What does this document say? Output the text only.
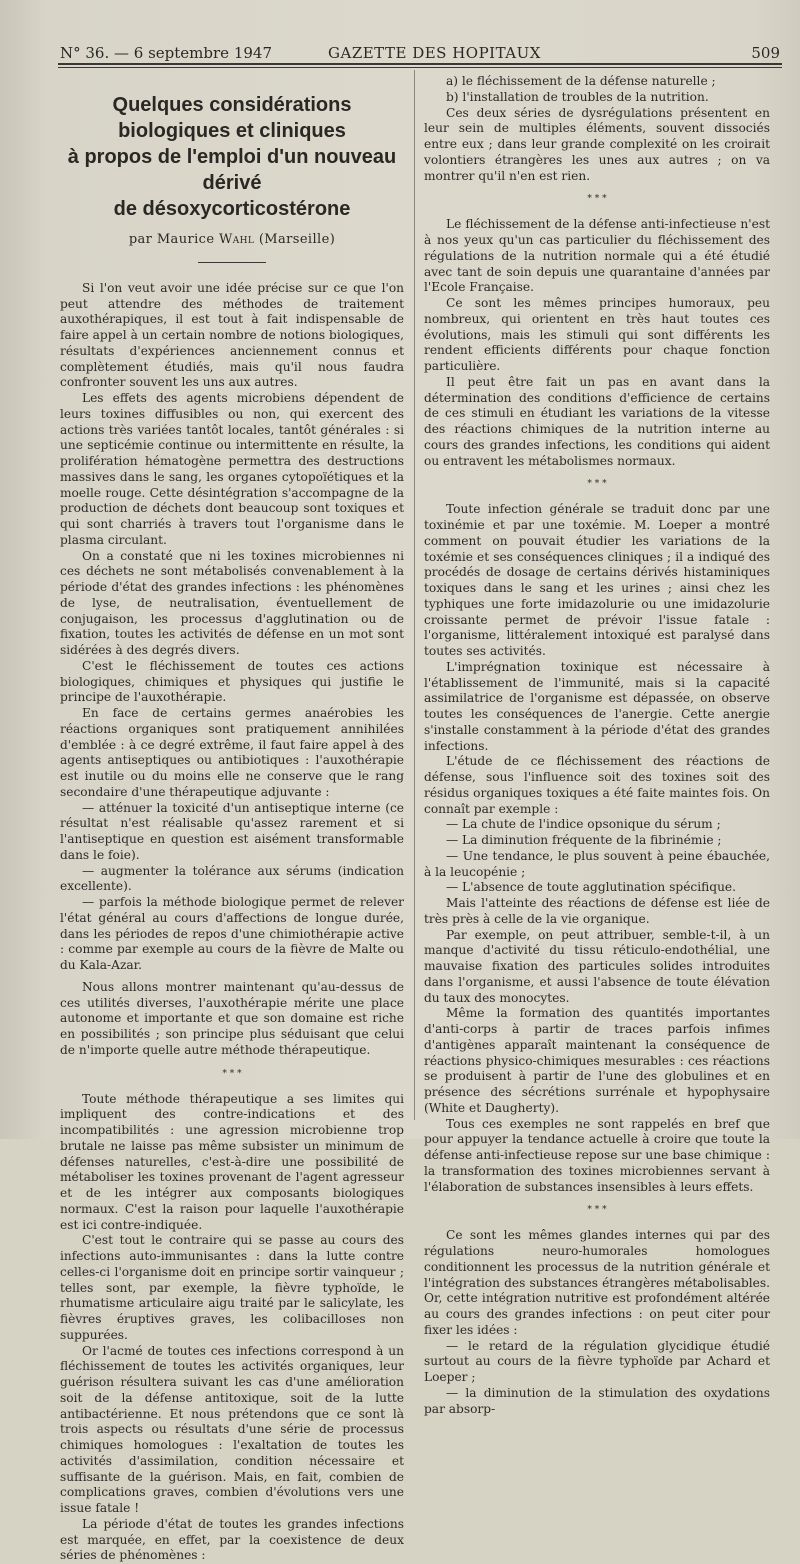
N° 36. — 6 septembre 1947	GAZETTE DES HOPITAUX	509
Quelques considérations biologiques et cliniques
à propos de l'emploi d'un nouveau dérivé
de désoxycorticostérone
par Maurice Wahl (Marseille)

Si l'on veut avoir une idée précise sur ce que l'on peut attendre des méthodes de traitement auxothérapiques, il est tout à fait indispensable de faire appel à un certain nombre de notions biologiques, résultats d'expériences anciennement connus et complètement étudiés, mais qu'il nous faudra confronter souvent les uns aux autres.

Les effets des agents microbiens dépendent de leurs toxines diffusibles ou non, qui exercent des actions très variées tantôt locales, tantôt générales : si une septicémie continue ou intermittente en résulte, la prolifération hématogène permettra des destructions massives dans le sang, les organes cytopoïétiques et la moelle rouge. Cette désintégration s'accompagne de la production de déchets dont beaucoup sont toxiques et qui sont charriés à travers tout l'organisme dans le plasma circulant.

On a constaté que ni les toxines microbiennes ni ces déchets ne sont métabolisés convenablement à la période d'état des grandes infections : les phénomènes de lyse, de neutralisation, éventuellement de conjugaison, les processus d'agglutination ou de fixation, toutes les activités de défense en un mot sont sidérées à des degrés divers.

C'est le fléchissement de toutes ces actions biologiques, chimiques et physiques qui justifie le principe de l'auxothérapie.

En face de certains germes anaérobies les réactions organiques sont pratiquement annihilées d'emblée : à ce degré extrême, il faut faire appel à des agents antiseptiques ou antibiotiques : l'auxothérapie est inutile ou du moins elle ne conserve que le rang secondaire d'une thérapeutique adjuvante :

— atténuer la toxicité d'un antiseptique interne (ce résultat n'est réalisable qu'assez rarement et si l'antiseptique en question est aisément transformable dans le foie).

— augmenter la tolérance aux sérums (indication excellente).

— parfois la méthode biologique permet de relever l'état général au cours d'affections de longue durée, dans les périodes de repos d'une chimiothérapie active : comme par exemple au cours de la fièvre de Malte ou du Kala-Azar.

Nous allons montrer maintenant qu'au-dessus de ces utilités diverses, l'auxothérapie mérite une place autonome et importante et que son domaine est riche en possibilités ; son principe plus séduisant que celui de n'importe quelle autre méthode thérapeutique.

* * *

Toute méthode thérapeutique a ses limites qui impliquent des contre-indications et des incompatibilités : une agression microbienne trop brutale ne laisse pas même subsister un minimum de défenses naturelles, c'est-à-dire une possibilité de métaboliser les toxines provenant de l'agent agresseur et de les intégrer aux composants biologiques normaux. C'est la raison pour laquelle l'auxothérapie est ici contre-indiquée.

C'est tout le contraire qui se passe au cours des infections auto-immunisantes : dans la lutte contre celles-ci l'organisme doit en principe sortir vainqueur ; telles sont, par exemple, la fièvre typhoïde, le rhumatisme articulaire aigu traité par le salicylate, les fièvres éruptives graves, les colibacilloses non suppurées.

Or l'acmé de toutes ces infections correspond à un fléchissement de toutes les activités organiques, leur guérison résultera suivant les cas d'une amélioration soit de la défense antitoxique, soit de la lutte antibactérienne. Et nous prétendons que ce sont là trois aspects ou résultats d'une série de processus chimiques homologues : l'exaltation de toutes les activités d'assimilation, condition nécessaire et suffisante de la guérison. Mais, en fait, combien de complications graves, combien d'évolutions vers une issue fatale !

La période d'état de toutes les grandes infections est marquée, en effet, par la coexistence de deux séries de phénomènes :

a) le fléchissement de la défense naturelle ;

b) l'installation de troubles de la nutrition.

Ces deux séries de dysrégulations présentent en leur sein de multiples éléments, souvent dissociés entre eux ; dans leur grande complexité on les croirait volontiers étrangères les unes aux autres ; on va montrer qu'il n'en est rien.

* * *

Le fléchissement de la défense anti-infectieuse n'est à nos yeux qu'un cas particulier du fléchissement des régulations de la nutrition normale qui a été étudié avec tant de soin depuis une quarantaine d'années par l'Ecole Française.

Ce sont les mêmes principes humoraux, peu nombreux, qui orientent en très haut toutes ces évolutions, mais les stimuli qui sont différents les rendent efficients différents pour chaque fonction particulière.

Il peut être fait un pas en avant dans la détermination des conditions d'efficience de certains de ces stimuli en étudiant les variations de la vitesse des réactions chimiques de la nutrition interne au cours des grandes infections, les conditions qui aident ou entravent les métabolismes normaux.

* * *

Toute infection générale se traduit donc par une toxinémie et par une toxémie. M. Loeper a montré comment on pouvait étudier les variations de la toxémie et ses conséquences cliniques ; il a indiqué des procédés de dosage de certains dérivés histaminiques toxiques dans le sang et les urines ; ainsi chez les typhiques une forte imidazolurie ou une imidazolurie croissante permet de prévoir l'issue fatale : l'organisme, littéralement intoxiqué est paralysé dans toutes ses activités.

L'imprégnation toxinique est nécessaire à l'établissement de l'immunité, mais si la capacité assimilatrice de l'organisme est dépassée, on observe toutes les conséquences de l'anergie. Cette anergie s'installe constamment à la période d'état des grandes infections.

L'étude de ce fléchissement des réactions de défense, sous l'influence soit des toxines soit des résidus organiques toxiques a été faite maintes fois. On connaît par exemple :

— La chute de l'indice opsonique du sérum ;

— La diminution fréquente de la fibrinémie ;

— Une tendance, le plus souvent à peine ébauchée, à la leucopénie ;

— L'absence de toute agglutination spécifique.

Mais l'atteinte des réactions de défense est liée de très près à celle de la vie organique.

Par exemple, on peut attribuer, semble-t-il, à un manque d'activité du tissu réticulo-endothélial, une mauvaise fixation des particules solides introduites dans l'organisme, et aussi l'absence de toute élévation du taux des monocytes.

Même la formation des quantités importantes d'anti-corps à partir de traces parfois infimes d'antigènes apparaît maintenant la conséquence de réactions physico-chimiques mesurables : ces réactions se produisent à partir de l'une des globulines et en présence des sécrétions surrénale et hypophysaire (White et Daugherty).

Tous ces exemples ne sont rappelés en bref que pour appuyer la tendance actuelle à croire que toute la défense anti-infectieuse repose sur une base chimique : la transformation des toxines microbiennes servant à l'élaboration de substances insensibles à leurs effets.

* * *

Ce sont les mêmes glandes internes qui par des régulations neuro-humorales homologues conditionnent les processus de la nutrition générale et l'intégration des substances étrangères métabolisables. Or, cette intégration nutritive est profondément altérée au cours des grandes infections : on peut citer pour fixer les idées :

— le retard de la régulation glycidique étudié surtout au cours de la fièvre typhoïde par Achard et Loeper ;

— la diminution de la stimulation des oxydations par absorp-
